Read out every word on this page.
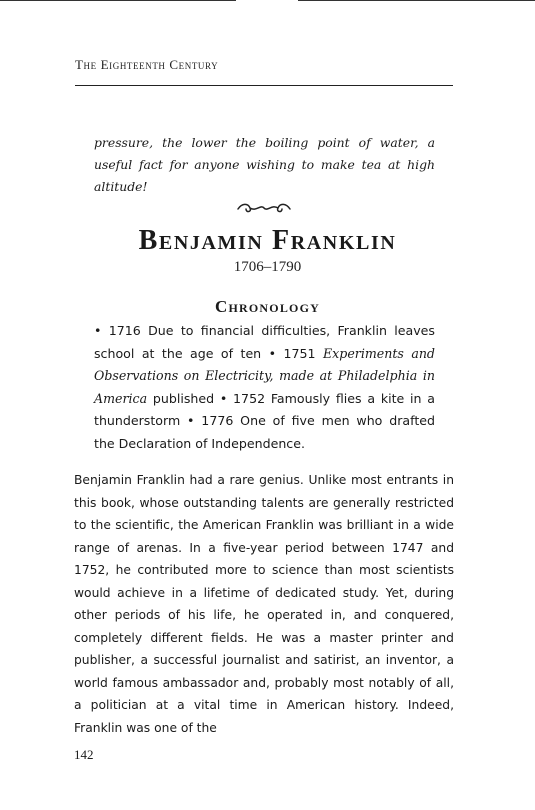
The Eighteenth Century
pressure, the lower the boiling point of water, a useful fact for anyone wishing to make tea at high altitude!
Benjamin Franklin
1706–1790
Chronology
• 1716 Due to financial difficulties, Franklin leaves school at the age of ten • 1751 Experiments and Observations on Electricity, made at Philadelphia in America published • 1752 Famously flies a kite in a thunderstorm • 1776 One of five men who drafted the Declaration of Independence.
Benjamin Franklin had a rare genius. Unlike most entrants in this book, whose outstanding talents are generally restricted to the scientific, the American Franklin was brilliant in a wide range of arenas. In a five-year period between 1747 and 1752, he contributed more to science than most scientists would achieve in a lifetime of dedicated study. Yet, during other periods of his life, he operated in, and conquered, completely different fields. He was a master printer and publisher, a successful journalist and satirist, an inventor, a world famous ambassador and, probably most notably of all, a politician at a vital time in American history. Indeed, Franklin was one of the
142
